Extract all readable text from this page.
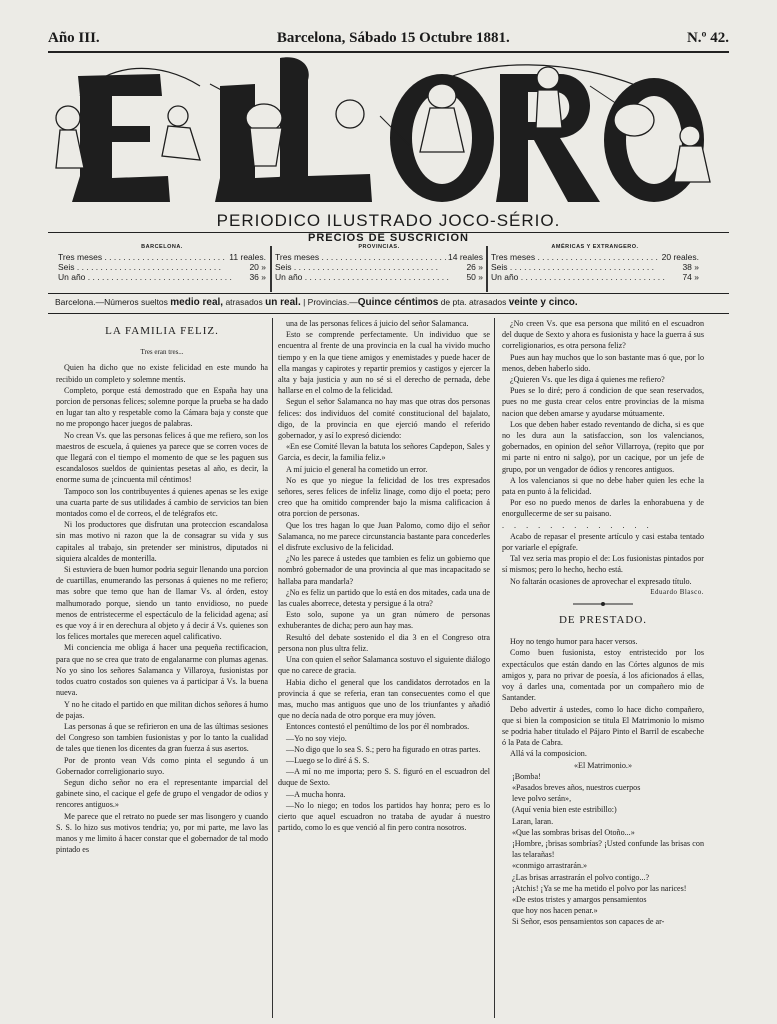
Año III.	Barcelona, Sábado 15 Octubre 1881.	N.º 42.
EL LORO
PERIODICO ILUSTRADO JOCO-SÉRIO.
PRECIOS DE SUSCRICION
BARCELONA.
Tres meses . . .	11 reales.
Seis . . .	20 »
Un año . . .	36 »
PROVINCIAS.
Tres meses . . .	14 reales
Seis . . .	26 »
Un año . . .	50 »
AMÉRICAS Y EXTRANGERO.
Tres meses . . .	20 reales.
Seis . . .	38 »
Un año . . .	74 »
Barcelona.—Números sueltos medio real, atrasados un real. | Provincias.—Quince céntimos de pta. atrasados veinte y cinco.

LA FAMILIA FELIZ.

Tres eran tres...

Quien ha dicho que no existe felicidad en este mundo ha recibido un completo y solemne mentís.

Completo, porque está demostrado que en España hay una porcion de personas felices; solemne porque la prueba se ha dado en lugar tan alto y respetable como la Cámara baja y conste que no me propongo hacer juegos de palabras.

No crean Vs. que las personas felices á que me refiero, son los maestros de escuela, á quienes ya parece que se corren voces de que llegará con el tiempo el momento de que se les paguen sus escandalosos sueldos de quinientas pesetas al año, es decir, la enorme suma de ¡cincuenta mil céntimos!

Tampoco son los contribuyentes á quienes apenas se les exige una cuarta parte de sus utilidades á cambio de servicios tan bien montados como el de correos, el de telégrafos etc.

Ni los productores que disfrutan una proteccion escandalosa sin mas motivo ni razon que la de consagrar su vida y sus capitales al trabajo, sin pretender ser ministros, diputados ni siquiera alcaldes de monterilla.

Si estuviera de buen humor podria seguir llenando una porcion de cuartillas, enumerando las personas á quienes no me refiero; mas sobre que temo que han de llamar Vs. al órden, estoy malhumorado porque, siendo un tanto envidioso, no puede menos de entristecerme el espectáculo de la felicidad agena; así es que voy á ir en derechura al objeto y á decir á Vs. quienes son los felices mortales que merecen aquel calificativo.

Mi conciencia me obliga á hacer una pequeña rectificacion, para que no se crea que trato de engalanarme con plumas agenas. No yo sino los señores Salamanca y Villaroya, fusionistas por todos cuatro costados son quienes va á participar á Vs. la buena nueva.

Y no he citado el partido en que militan dichos señores á humo de pajas.

Las personas á que se refirieron en una de las últimas sesiones del Congreso son tambien fusionistas y por lo tanto la cualidad de tales que tienen los dicentes da gran fuerza á sus asertos.

Por de pronto vean Vds como pinta el segundo á un Gobernador correligionario suyo.

Segun dicho señor no era el representante imparcial del gabinete sino, el cacique el gefe de grupo el vengador de odios y rencores antiguos.»

Me parece que el retrato no puede ser mas lisongero y cuando S. S. lo hizo sus motivos tendria; yo, por mi parte, me lavo las manos y me limito á hacer constar que el gobernador de tal modo pintado es

una de las personas felices á juicio del señor Salamanca.

Esto se comprende perfectamente. Un individuo que se encuentra al frente de una provincia en la cual ha vivido mucho tiempo y en la que tiene amigos y enemistades y puede hacer de ella mangas y capirotes y repartir premios y castigos y ejercer la alta y baja justicia y aun no sé si el derecho de pernada, debe hallarse en el colmo de la felicidad.

Segun el señor Salamanca no hay mas que otras dos personas felices: dos individuos del comité constitucional del bajalato, digo, de la provincia en que ejerció mando el referido gobernador, y así lo expresó diciendo:

«En ese Comité llevan la batuta los señores Capdepon, Sales y Garcia, es decir, la familia feliz.»

A mí juicio el general ha cometido un error.

No es que yo niegue la felicidad de los tres expresados señores, seres felices de infeliz linage, como dijo el poeta; pero creo que ha omitido comprender bajo la misma calificacion á otra porcion de personas.

Que los tres hagan lo que Juan Palomo, como dijo el señor Salamanca, no me parece circunstancia bastante para concederles el disfrute exclusivo de la felicidad.

¿No les parece á ustedes que tambien es feliz un gobierno que nombró gobernador de una provincia al que mas incapacitado se hallaba para mandarla?

¿No es feliz un partido que lo está en dos mitades, cada una de las cuales aborrece, detesta y persigue á la otra?

Esto solo, supone ya un gran número de personas exhuberantes de dicha; pero aun hay mas.

Resultó del debate sostenido el dia 3 en el Congreso otra persona non plus ultra feliz.

Una con quien el señor Salamanca sostuvo el siguiente diálogo que no carece de gracia.

Habia dicho el general que los candidatos derrotados en la provincia á que se referia, eran tan consecuentes como el que mas, mucho mas antiguos que uno de los triunfantes y añadió que no decía nada de otro porque era muy jóven.

Entonces contestó el penúltimo de los por él nombrados.

—Yo no soy viejo.

—No digo que lo sea S. S.; pero ha figurado en otras partes.

—Luego se lo diré á S. S.

—A mí no me importa; pero S. S. figuró en el escuadron del duque de Sexto.

—A mucha honra.

—No lo niego; en todos los partidos hay honra; pero es lo cierto que aquel escuadron no trataba de ayudar á nuestro partido, como lo es que venció al fin pero contra nosotros.

¿No creen Vs. que esa persona que militó en el escuadron del duque de Sexto y ahora es fusionista y hace la guerra á sus correligionarios, es otra persona feliz?

Pues aun hay muchos que lo son bastante mas ó que, por lo menos, deben haberlo sido.

¿Quieren Vs. que les diga á quienes me refiero?

Pues se lo diré; pero á condicion de que sean reservados, pues no me gusta crear celos entre provincias de la misma nacion que deben amarse y ayudarse mútuamente.

Los que deben haber estado reventando de dicha, si es que no les dura aun la satisfaccion, son los valencianos, gobernados, en opinion del señor Villarroya, (repito que por mi parte ni entro ni salgo), por un cacique, por un jefe de grupo, por un vengador de ódios y rencores antiguos.

A los valencianos si que no debe haber quien les eche la pata en punto á la felicidad.

Por eso no puedo menos de darles la enhorabuena y de enorgullecerme de ser su paisano.

. . . . . . . . . . . . .

Acabo de repasar el presente artículo y casi estaba tentado por variarle el epígrafe.

Tal vez seria mas propio el de: Los fusionistas pintados por sí mismos; pero lo hecho, hecho está.

No faltarán ocasiones de aprovechar el expresado título.

Eduardo Blasco.

DE PRESTADO.

Hoy no tengo humor para hacer versos.

Como buen fusionista, estoy entristecido por los expectáculos que están dando en las Córtes algunos de mis amigos y, para no privar de poesía, á los aficionados á ellas, voy á darles una, comentada por un compañero mio de Santander.

Debo advertir á ustedes, como lo hace dicho compañero, que si bien la composicion se titula El Matrimonio lo mismo se podria haber titulado el Pájaro Pinto el Barril de escabeche ó la Pata de Cabra.

Allá vá la composicion.

«El Matrimonio.»

¡Bomba!

«Pasados breves años, nuestros cuerpos

leve polvo serán»,

(Aquí venia bien este estribillo:)

Laran, laran.

«Que las sombras brisas del Otoño...»

¡Hombre, ¡brisas sombrías? ¡Usted confunde las brisas con las telarañas!

«conmigo arrastrarán.»

¿Las brisas arrastrarán el polvo contigo...?

¡Atchis! ¡Ya se me ha metido el polvo por las narices!

«De estos tristes y amargos pensamientos

que hoy nos hacen penar.»

Si Señor, esos pensamientos son capaces de ar-
